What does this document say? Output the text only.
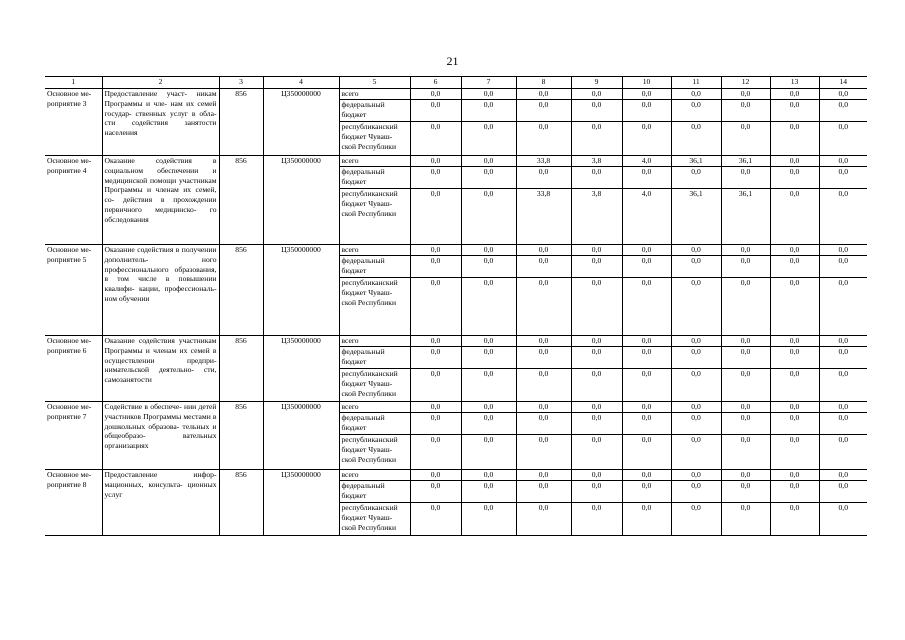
21
1	2	3	4	5	6	7	8	9	10	11	12	13	14
Основное ме- роприятие 3	Предоставление участ- никам Программы и чле- нам их семей государ- ственных услуг в обла- сти содействия занятости населения	856	Ц350000000	всего	0,0	0,0	0,0	0,0	0,0	0,0	0,0	0,0	0,0
				федеральный бюджет	0,0	0,0	0,0	0,0	0,0	0,0	0,0	0,0	0,0
				республиканский бюджет Чуваш- ской Республики	0,0	0,0	0,0	0,0	0,0	0,0	0,0	0,0	0,0
Основное ме- роприятие 4	Оказание содействия в социальном обеспечении и медицинской помощи участникам Программы и членам их семей, со- действия в прохождении первичного медицинско- го обследования	856	Ц350000000	всего	0,0	0,0	33,8	3,8	4,0	36,1	36,1	0,0	0,0
				федеральный бюджет	0,0	0,0	0,0	0,0	0,0	0,0	0,0	0,0	0,0
				республиканский бюджет Чуваш- ской Республики	0,0	0,0	33,8	3,8	4,0	36,1	36,1	0,0	0,0
Основное ме- роприятие 5	Оказание содействия в получении дополнитель- ного профессионального образования, в том числе в повышении квалифи- кации, профессиональ- ном обучении	856	Ц350000000	всего	0,0	0,0	0,0	0,0	0,0	0,0	0,0	0,0	0,0
				федеральный бюджет	0,0	0,0	0,0	0,0	0,0	0,0	0,0	0,0	0,0
				республиканский бюджет Чуваш- ской Республики	0,0	0,0	0,0	0,0	0,0	0,0	0,0	0,0	0,0
Основное ме- роприятие 6	Оказание содействия участникам Программы и членам их семей в осуществлении предпри- нимательской деятельно- сти, самозанятости	856	Ц350000000	всего	0,0	0,0	0,0	0,0	0,0	0,0	0,0	0,0	0,0
				федеральный бюджет	0,0	0,0	0,0	0,0	0,0	0,0	0,0	0,0	0,0
				республиканский бюджет Чуваш- ской Республики	0,0	0,0	0,0	0,0	0,0	0,0	0,0	0,0	0,0
Основное ме- роприятие 7	Содействие в обеспече- нии детей участников Программы местами в дошкольных образова- тельных и общеобразо- вательных организациях	856	Ц350000000	всего	0,0	0,0	0,0	0,0	0,0	0,0	0,0	0,0	0,0
				федеральный бюджет	0,0	0,0	0,0	0,0	0,0	0,0	0,0	0,0	0,0
				республиканский бюджет Чуваш- ской Республики	0,0	0,0	0,0	0,0	0,0	0,0	0,0	0,0	0,0
Основное ме- роприятие 8	Предоставление инфор- мационных, консульта- ционных услуг	856	Ц350000000	всего	0,0	0,0	0,0	0,0	0,0	0,0	0,0	0,0	0,0
				федеральный бюджет	0,0	0,0	0,0	0,0	0,0	0,0	0,0	0,0	0,0
				республиканский бюджет Чуваш- ской Республики	0,0	0,0	0,0	0,0	0,0	0,0	0,0	0,0	0,0
